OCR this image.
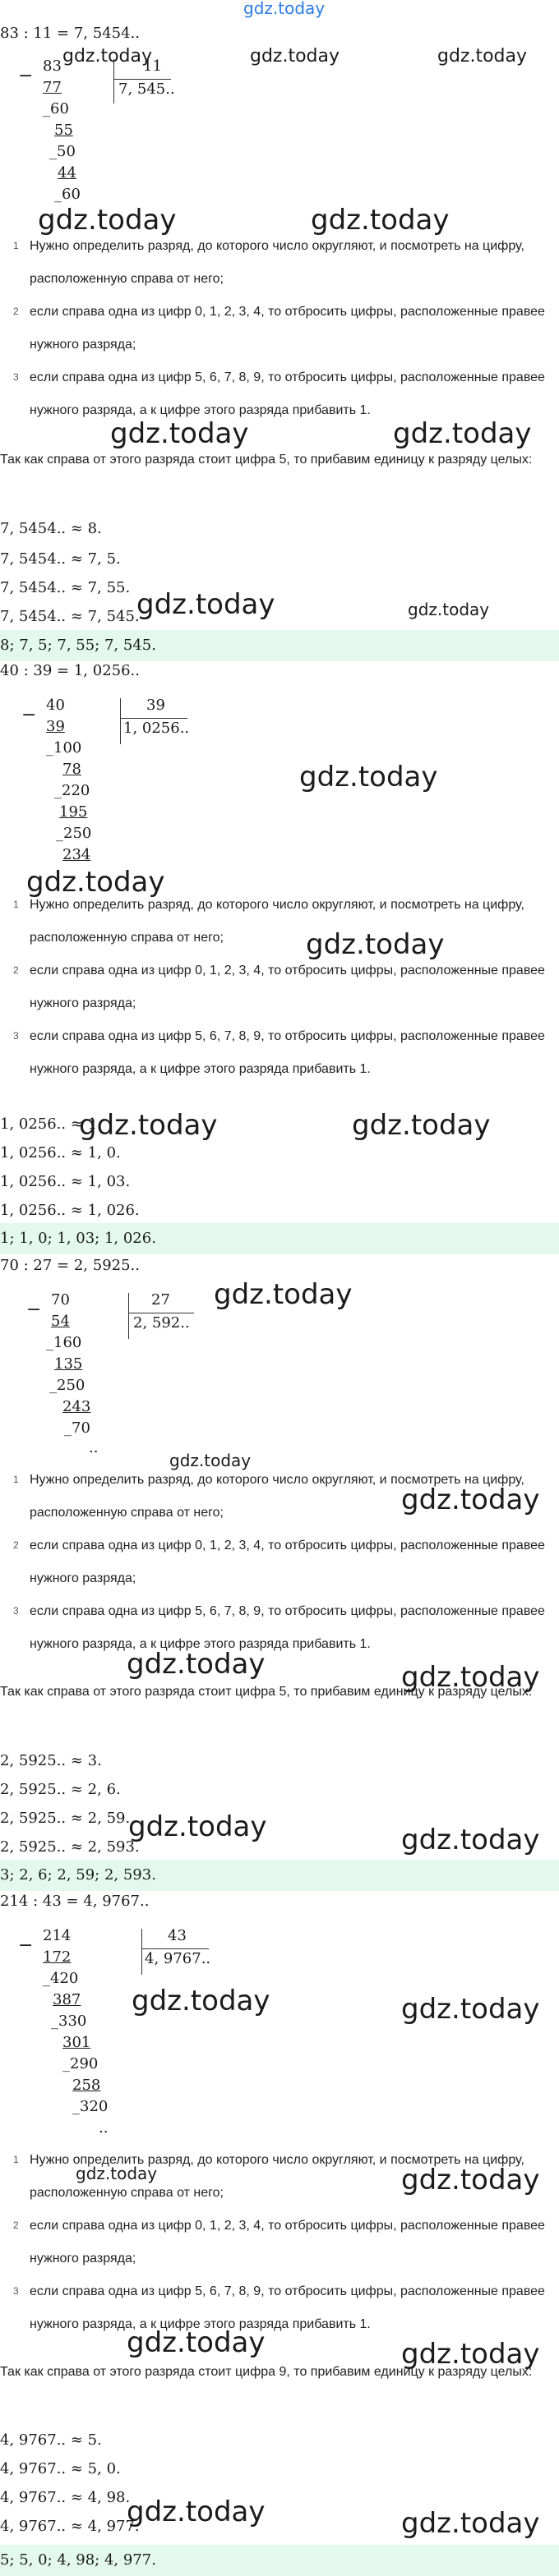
gdz.today
83 : 11 = 7, 5454..
− 83
77
_60
55
_50
44
_60
11
7, 545..
1 Нужно определить разряд, до которого число округляют, и посмотреть на цифру, расположенную справа от него;
2 если справа одна из цифр 0, 1, 2, 3, 4, то отбросить цифры, расположенные правее нужного разряда;
3 если справа одна из цифр 5, 6, 7, 8, 9, то отбросить цифры, расположенные правее нужного разряда, а к цифре этого разряда прибавить 1.
Так как справа от этого разряда стоит цифра 5, то прибавим единицу к разряду целых:
7, 5454.. ≈ 8.
7, 5454.. ≈ 7, 5.
7, 5454.. ≈ 7, 55.
7, 5454.. ≈ 7, 545.
8; 7, 5; 7, 55; 7, 545.
40 : 39 = 1, 0256..
− 40
39
_100
78
_220
195
_250
234
39
1, 0256..
1 Нужно определить разряд, до которого число округляют, и посмотреть на цифру, расположенную справа от него;
2 если справа одна из цифр 0, 1, 2, 3, 4, то отбросить цифры, расположенные правее нужного разряда;
3 если справа одна из цифр 5, 6, 7, 8, 9, то отбросить цифры, расположенные правее нужного разряда, а к цифре этого разряда прибавить 1.
1, 0256.. ≈ 1.
1, 0256.. ≈ 1, 0.
1, 0256.. ≈ 1, 03.
1, 0256.. ≈ 1, 026.
1; 1, 0; 1, 03; 1, 026.
70 : 27 = 2, 5925..
− 70
54
_160
135
_250
243
_70
..
27
2, 592..
1 Нужно определить разряд, до которого число округляют, и посмотреть на цифру, расположенную справа от него;
2 если справа одна из цифр 0, 1, 2, 3, 4, то отбросить цифры, расположенные правее нужного разряда;
3 если справа одна из цифр 5, 6, 7, 8, 9, то отбросить цифры, расположенные правее нужного разряда, а к цифре этого разряда прибавить 1.
Так как справа от этого разряда стоит цифра 5, то прибавим единицу к разряду целых:
2, 5925.. ≈ 3.
2, 5925.. ≈ 2, 6.
2, 5925.. ≈ 2, 59.
2, 5925.. ≈ 2, 593.
3; 2, 6; 2, 59; 2, 593.
214 : 43 = 4, 9767..
− 214
172
_420
387
_330
301
_290
258
_320
..
43
4, 9767..
1 Нужно определить разряд, до которого число округляют, и посмотреть на цифру, расположенную справа от него;
2 если справа одна из цифр 0, 1, 2, 3, 4, то отбросить цифры, расположенные правее нужного разряда;
3 если справа одна из цифр 5, 6, 7, 8, 9, то отбросить цифры, расположенные правее нужного разряда, а к цифре этого разряда прибавить 1.
Так как справа от этого разряда стоит цифра 9, то прибавим единицу к разряду целых:
4, 9767.. ≈ 5.
4, 9767.. ≈ 5, 0.
4, 9767.. ≈ 4, 98.
4, 9767.. ≈ 4, 977.
5; 5, 0; 4, 98; 4, 977.
gdz.today	gdz.today	gdz.today
gdz.today	gdz.today
gdz.today	gdz.today
gdz.today	gdz.today
gdz.today
gdz.today
gdz.today
gdz.today	gdz.today
gdz.today
gdz.today
gdz.today
gdz.today	gdz.today
gdz.today	gdz.today
gdz.today	gdz.today
gdz.today	gdz.today
gdz.today	gdz.today
gdz.today	gdz.today
